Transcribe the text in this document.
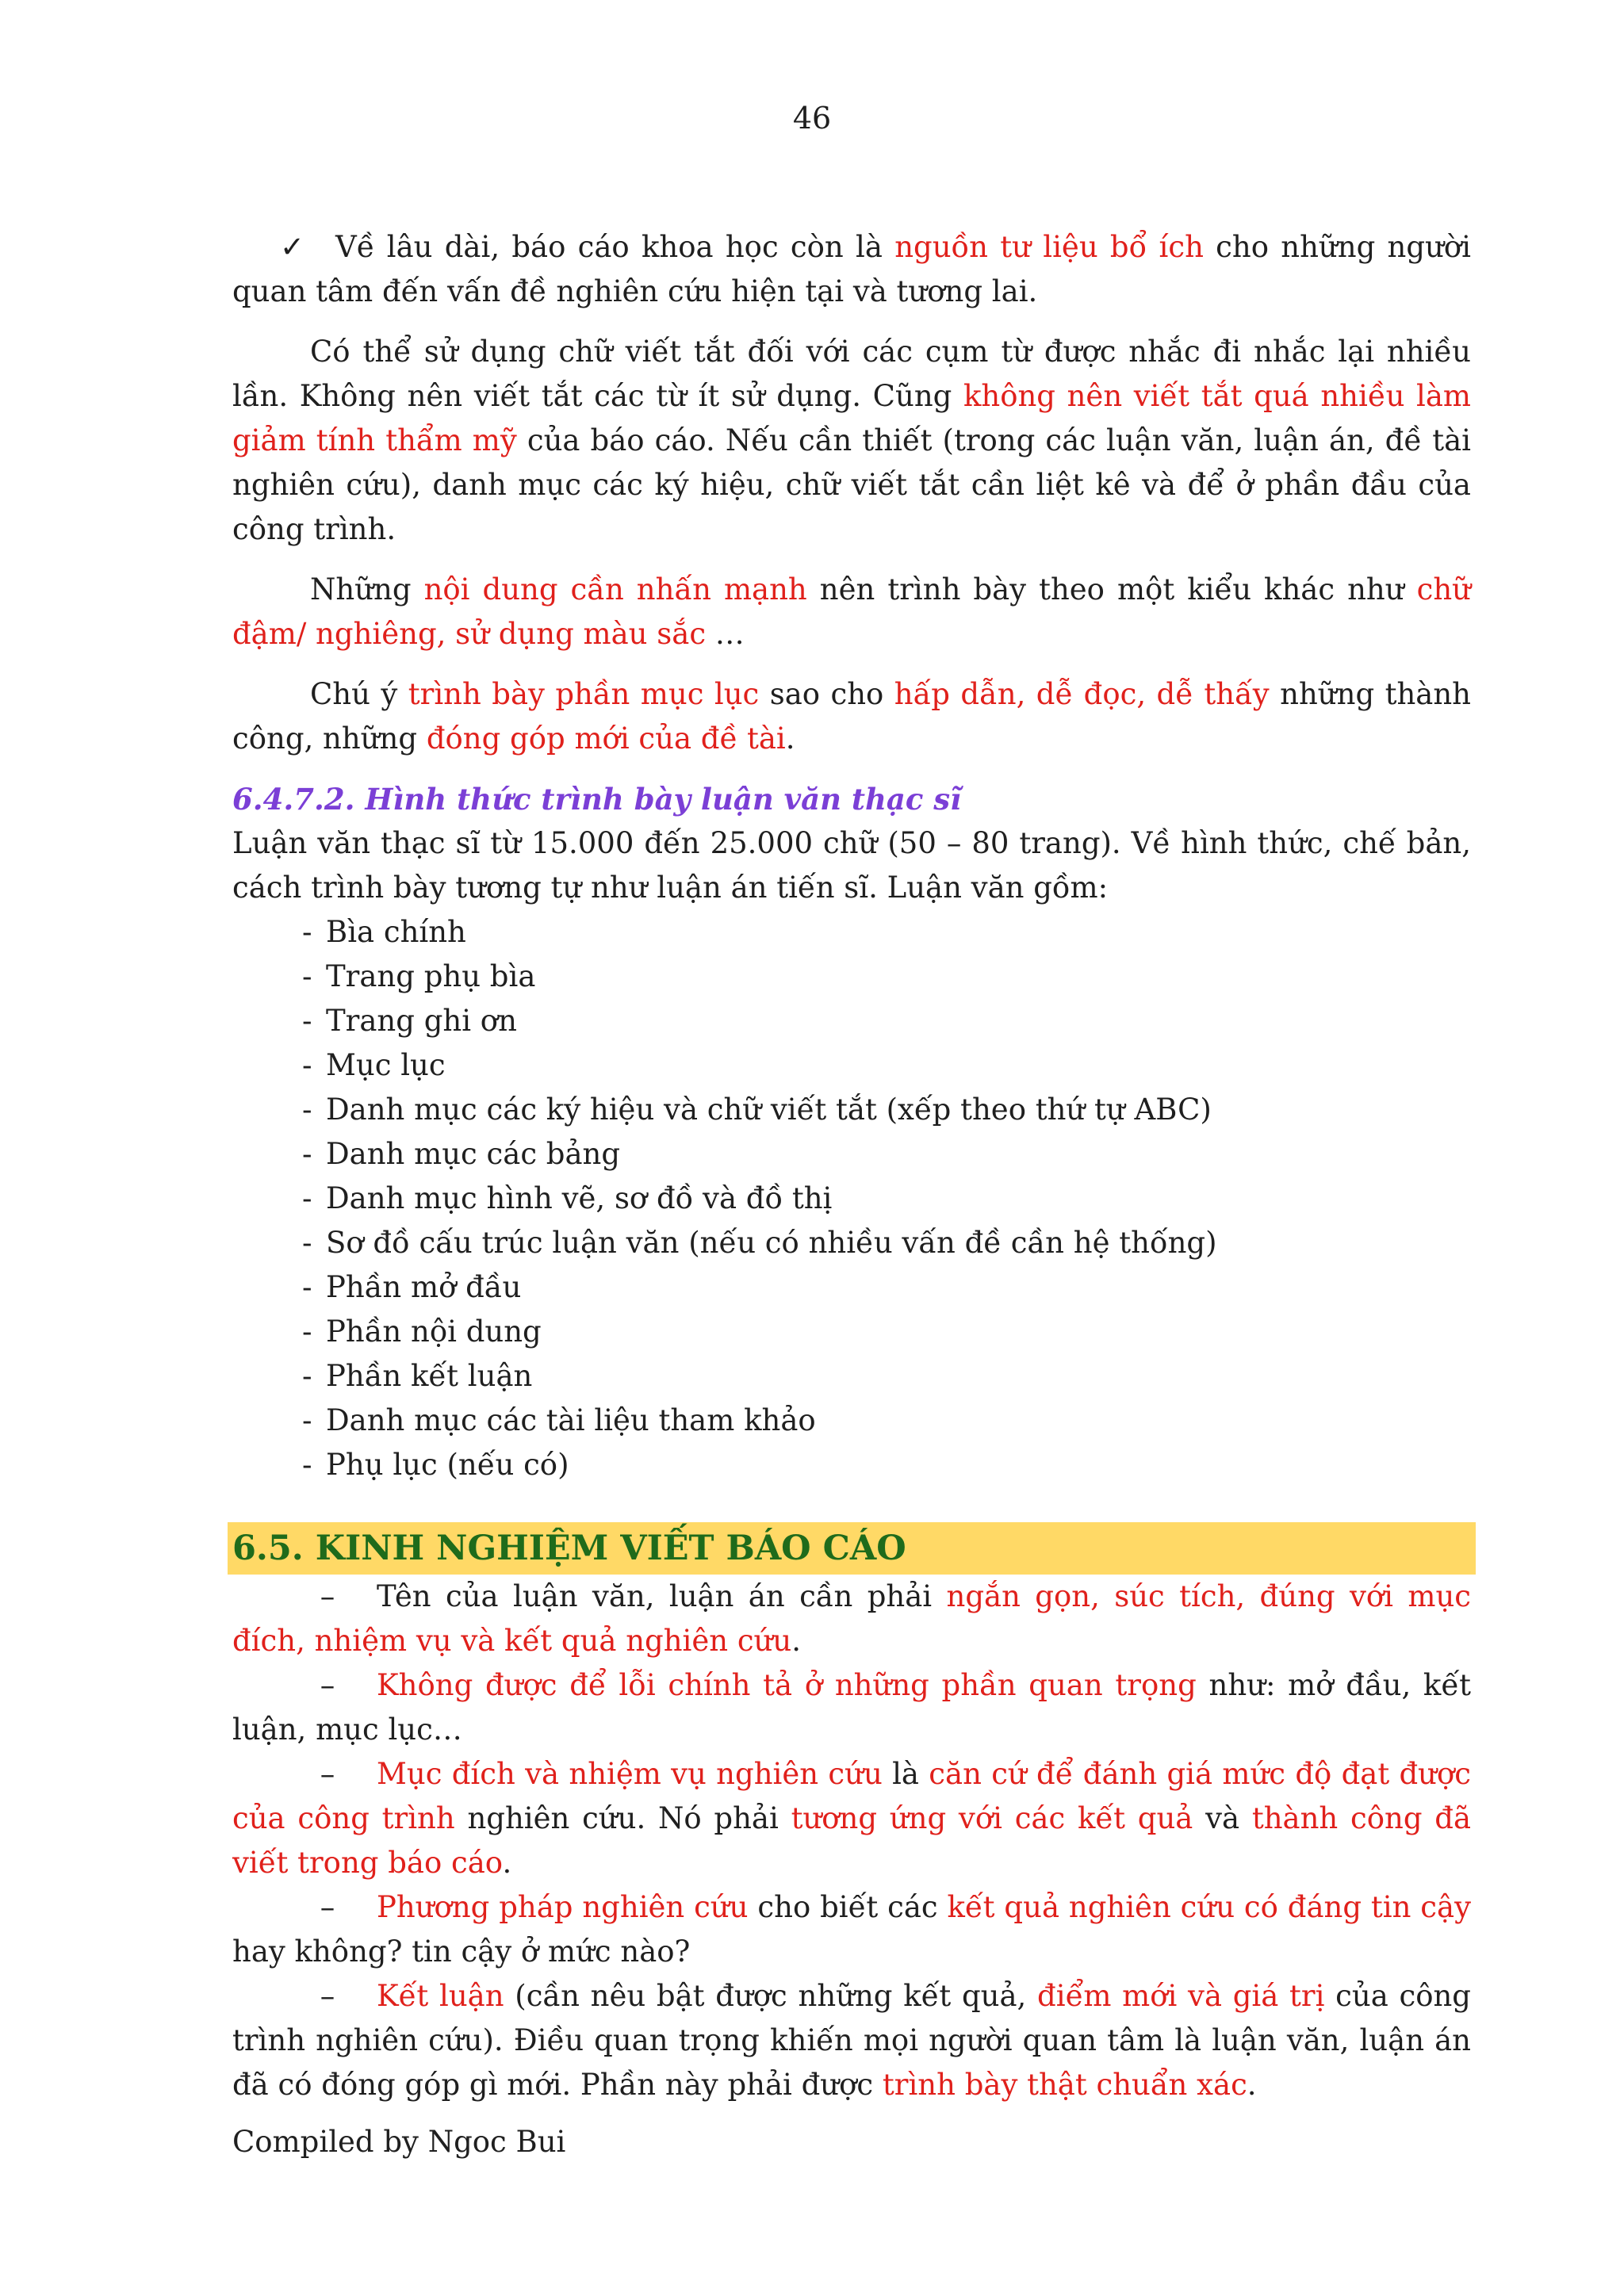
46

✓ Về lâu dài, báo cáo khoa học còn là nguồn tư liệu bổ ích cho những người quan tâm đến vấn đề nghiên cứu hiện tại và tương lai.

Có thể sử dụng chữ viết tắt đối với các cụm từ được nhắc đi nhắc lại nhiều lần. Không nên viết tắt các từ ít sử dụng. Cũng không nên viết tắt quá nhiều làm giảm tính thẩm mỹ của báo cáo. Nếu cần thiết (trong các luận văn, luận án, đề tài nghiên cứu), danh mục các ký hiệu, chữ viết tắt cần liệt kê và để ở phần đầu của công trình.

Những nội dung cần nhấn mạnh nên trình bày theo một kiểu khác như chữ đậm/ nghiêng, sử dụng màu sắc …

Chú ý trình bày phần mục lục sao cho hấp dẫn, dễ đọc, dễ thấy những thành công, những đóng góp mới của đề tài.

6.4.7.2. Hình thức trình bày luận văn thạc sĩ

Luận văn thạc sĩ từ 15.000 đến 25.000 chữ (50 – 80 trang). Về hình thức, chế bản, cách trình bày tương tự như luận án tiến sĩ. Luận văn gồm:

- Bìa chính
- Trang phụ bìa
- Trang ghi ơn
- Mục lục
- Danh mục các ký hiệu và chữ viết tắt (xếp theo thứ tự ABC)
- Danh mục các bảng
- Danh mục hình vẽ, sơ đồ và đồ thị
- Sơ đồ cấu trúc luận văn (nếu có nhiều vấn đề cần hệ thống)
- Phần mở đầu
- Phần nội dung
- Phần kết luận
- Danh mục các tài liệu tham khảo
- Phụ lục (nếu có)
6.5. KINH NGHIỆM VIẾT BÁO CÁO

– Tên của luận văn, luận án cần phải ngắn gọn, súc tích, đúng với mục đích, nhiệm vụ và kết quả nghiên cứu.

– Không được để lỗi chính tả ở những phần quan trọng như: mở đầu, kết luận, mục lục…

– Mục đích và nhiệm vụ nghiên cứu là căn cứ để đánh giá mức độ đạt được của công trình nghiên cứu. Nó phải tương ứng với các kết quả và thành công đã viết trong báo cáo.

– Phương pháp nghiên cứu cho biết các kết quả nghiên cứu có đáng tin cậy hay không? tin cậy ở mức nào?

– Kết luận (cần nêu bật được những kết quả, điểm mới và giá trị của công trình nghiên cứu). Điều quan trọng khiến mọi người quan tâm là luận văn, luận án đã có đóng góp gì mới. Phần này phải được trình bày thật chuẩn xác.

Compiled by Ngoc Bui
